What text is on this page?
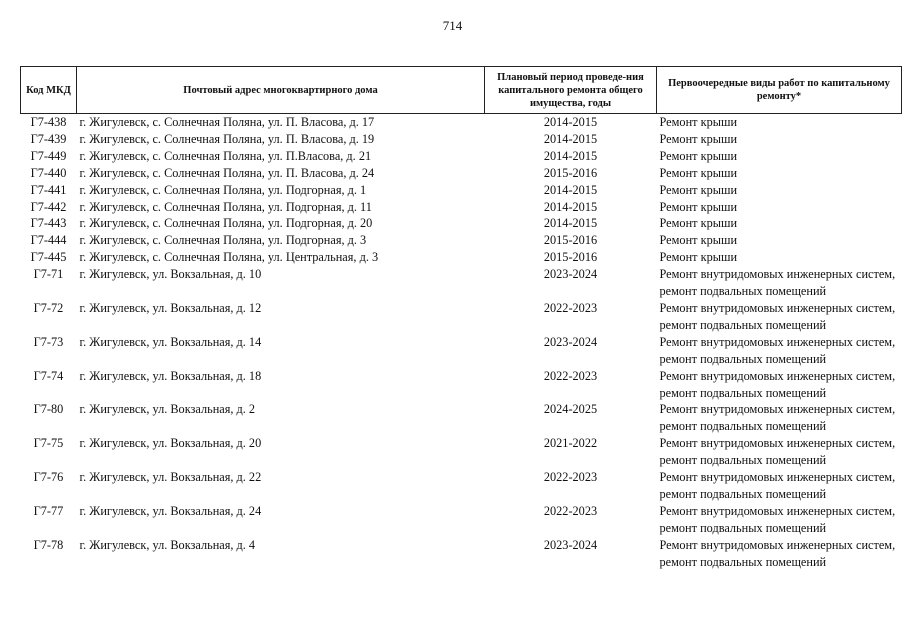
714
Код МКД	Почтовый адрес многоквартирного дома	Плановый период проведе-ния капитального ремонта общего имущества, годы	Первоочередные виды работ по капитальному ремонту*
Г7-438	г. Жигулевск, с. Солнечная Поляна, ул. П. Власова, д. 17	2014-2015	Ремонт крыши
Г7-439	г. Жигулевск, с. Солнечная Поляна, ул. П. Власова, д. 19	2014-2015	Ремонт крыши
Г7-449	г. Жигулевск, с. Солнечная Поляна, ул. П.Власова, д. 21	2014-2015	Ремонт крыши
Г7-440	г. Жигулевск, с. Солнечная Поляна, ул. П. Власова, д. 24	2015-2016	Ремонт крыши
Г7-441	г. Жигулевск, с. Солнечная Поляна, ул. Подгорная, д. 1	2014-2015	Ремонт крыши
Г7-442	г. Жигулевск, с. Солнечная Поляна, ул. Подгорная, д. 11	2014-2015	Ремонт крыши
Г7-443	г. Жигулевск, с. Солнечная Поляна, ул. Подгорная, д. 20	2014-2015	Ремонт крыши
Г7-444	г. Жигулевск, с. Солнечная Поляна, ул. Подгорная, д. 3	2015-2016	Ремонт крыши
Г7-445	г. Жигулевск, с. Солнечная Поляна, ул. Центральная, д. 3	2015-2016	Ремонт крыши
Г7-71	г. Жигулевск, ул. Вокзальная, д. 10	2023-2024	Ремонт внутридомовых инженерных систем, ремонт подвальных помещений
Г7-72	г. Жигулевск, ул. Вокзальная, д. 12	2022-2023	Ремонт внутридомовых инженерных систем, ремонт подвальных помещений
Г7-73	г. Жигулевск, ул. Вокзальная, д. 14	2023-2024	Ремонт внутридомовых инженерных систем, ремонт подвальных помещений
Г7-74	г. Жигулевск, ул. Вокзальная, д. 18	2022-2023	Ремонт внутридомовых инженерных систем, ремонт подвальных помещений
Г7-80	г. Жигулевск, ул. Вокзальная, д. 2	2024-2025	Ремонт внутридомовых инженерных систем, ремонт подвальных помещений
Г7-75	г. Жигулевск, ул. Вокзальная, д. 20	2021-2022	Ремонт внутридомовых инженерных систем, ремонт подвальных помещений
Г7-76	г. Жигулевск, ул. Вокзальная, д. 22	2022-2023	Ремонт внутридомовых инженерных систем, ремонт подвальных помещений
Г7-77	г. Жигулевск, ул. Вокзальная, д. 24	2022-2023	Ремонт внутридомовых инженерных систем, ремонт подвальных помещений
Г7-78	г. Жигулевск, ул. Вокзальная, д. 4	2023-2024	Ремонт внутридомовых инженерных систем, ремонт подвальных помещений
